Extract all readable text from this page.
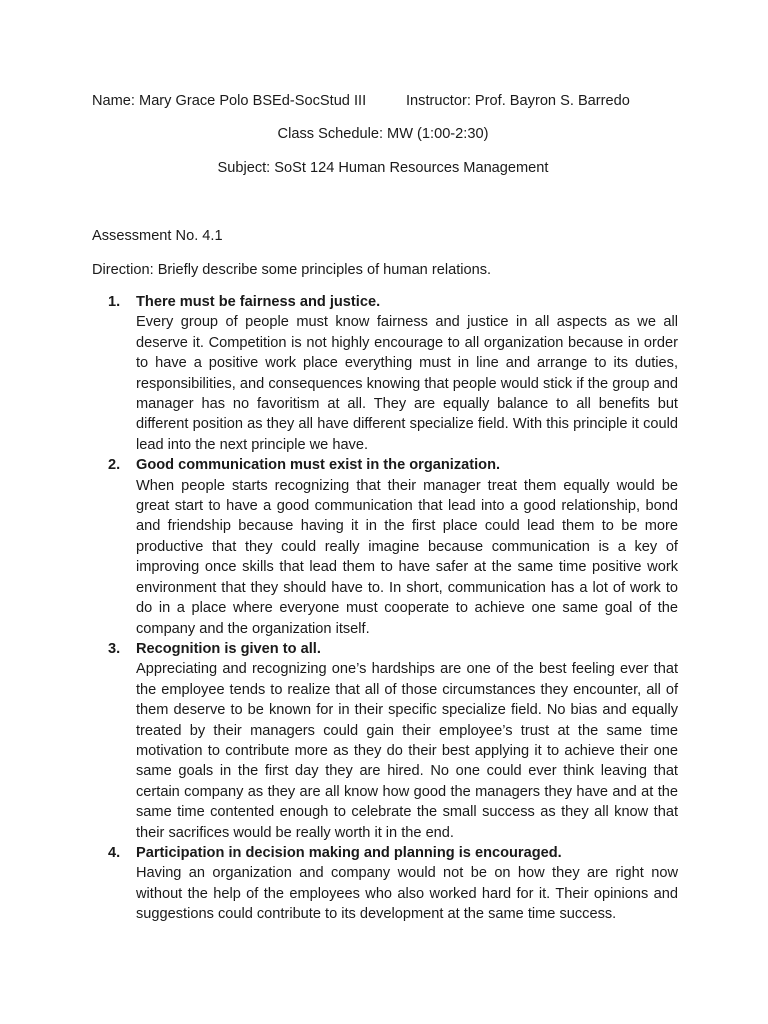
Name: Mary Grace Polo BSEd-SocStud III	Instructor: Prof. Bayron S. Barredo
Class Schedule: MW (1:00-2:30)
Subject: SoSt 124 Human Resources Management
Assessment No. 4.1
Direction: Briefly describe some principles of human relations.
1. There must be fairness and justice.
Every group of people must know fairness and justice in all aspects as we all deserve it. Competition is not highly encourage to all organization because in order to have a positive work place everything must in line and arrange to its duties, responsibilities, and consequences knowing that people would stick if the group and manager has no favoritism at all. They are equally balance to all benefits but different position as they all have different specialize field. With this principle it could lead into the next principle we have.
2. Good communication must exist in the organization.
When people starts recognizing that their manager treat them equally would be great start to have a good communication that lead into a good relationship, bond and friendship because having it in the first place could lead them to be more productive that they could really imagine because communication is a key of improving once skills that lead them to have safer at the same time positive work environment that they should have to. In short, communication has a lot of work to do in a place where everyone must cooperate to achieve one same goal of the company and the organization itself.
3. Recognition is given to all.
Appreciating and recognizing one’s hardships are one of the best feeling ever that the employee tends to realize that all of those circumstances they encounter, all of them deserve to be known for in their specific specialize field. No bias and equally treated by their managers could gain their employee’s trust at the same time motivation to contribute more as they do their best applying it to achieve their one same goals in the first day they are hired. No one could ever think leaving that certain company as they are all know how good the managers they have and at the same time contented enough to celebrate the small success as they all know that their sacrifices would be really worth it in the end.
4. Participation in decision making and planning is encouraged.
Having an organization and company would not be on how they are right now without the help of the employees who also worked hard for it. Their opinions and suggestions could contribute to its development at the same time success.
